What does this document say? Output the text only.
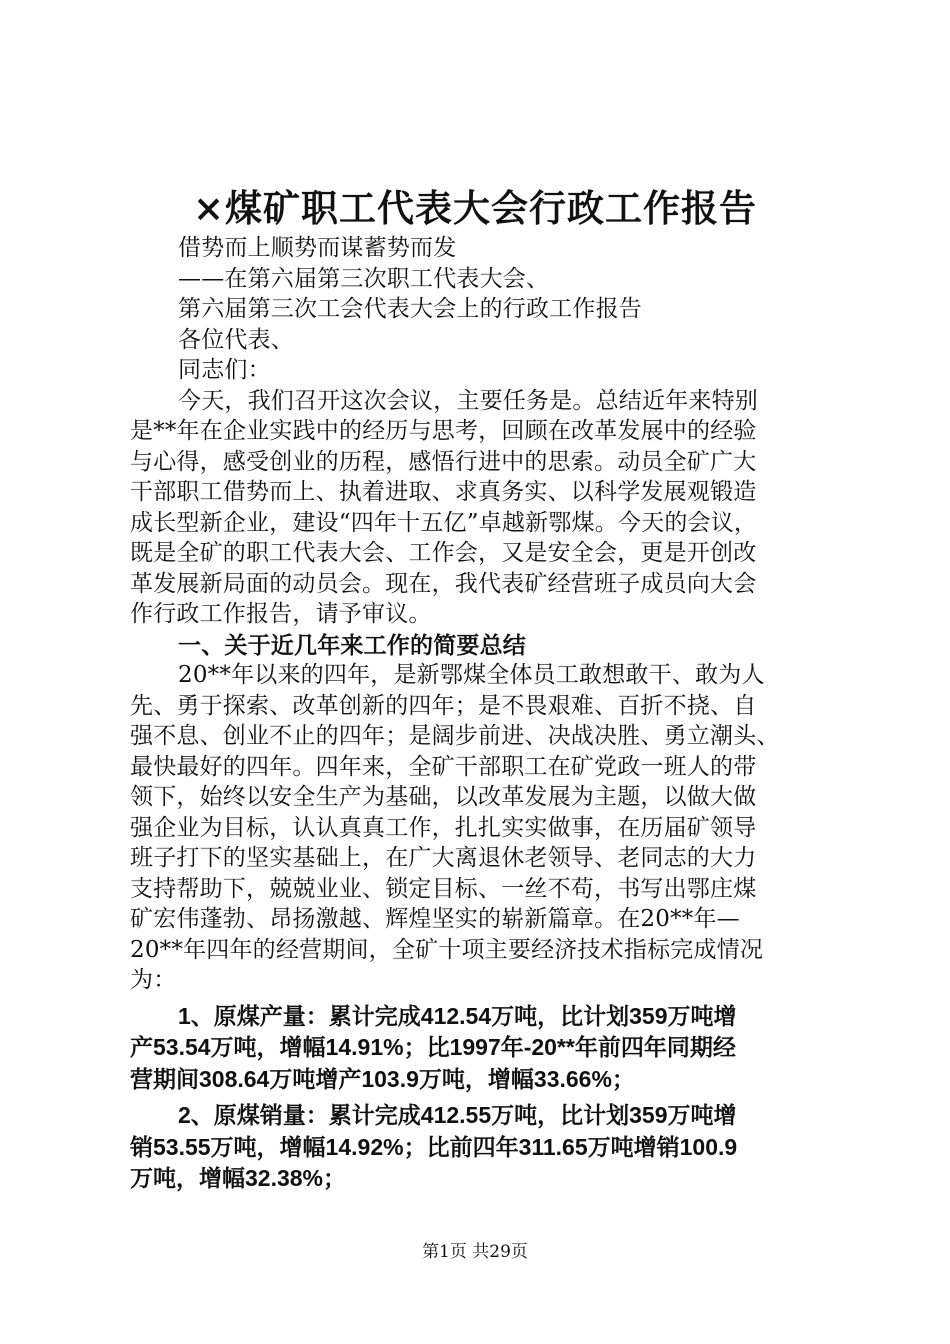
×煤矿职工代表大会行政工作报告
借势而上顺势而谋蓄势而发
——在第六届第三次职工代表大会、
第六届第三次工会代表大会上的行政工作报告
各位代表、
同志们：
今天，我们召开这次会议，主要任务是。总结近年来特别
是**年在企业实践中的经历与思考，回顾在改革发展中的经验
与心得，感受创业的历程，感悟行进中的思索。动员全矿广大
干部职工借势而上、执着进取、求真务实、以科学发展观锻造
成长型新企业，建设“四年十五亿”卓越新鄂煤。今天的会议，
既是全矿的职工代表大会、工作会，又是安全会，更是开创改
革发展新局面的动员会。现在，我代表矿经营班子成员向大会
作行政工作报告，请予审议。
一、关于近几年来工作的简要总结
20**年以来的四年，是新鄂煤全体员工敢想敢干、敢为人
先、勇于探索、改革创新的四年；是不畏艰难、百折不挠、自
强不息、创业不止的四年；是阔步前进、决战决胜、勇立潮头、
最快最好的四年。四年来，全矿干部职工在矿党政一班人的带
领下，始终以安全生产为基础，以改革发展为主题，以做大做
强企业为目标，认认真真工作，扎扎实实做事，在历届矿领导
班子打下的坚实基础上，在广大离退休老领导、老同志的大力
支持帮助下，兢兢业业、锁定目标、一丝不苟，书写出鄂庄煤
矿宏伟蓬勃、昂扬激越、辉煌坚实的崭新篇章。在20**年—
20**年四年的经营期间，全矿十项主要经济技术指标完成情况
为：
1、原煤产量：累计完成412.54万吨，比计划359万吨增
产53.54万吨，增幅14.91%；比1997年-20**年前四年同期经
营期间308.64万吨增产103.9万吨，增幅33.66%；
2、原煤销量：累计完成412.55万吨，比计划359万吨增
销53.55万吨，增幅14.92%；比前四年311.65万吨增销100.9
万吨，增幅32.38%；
第1页 共29页
